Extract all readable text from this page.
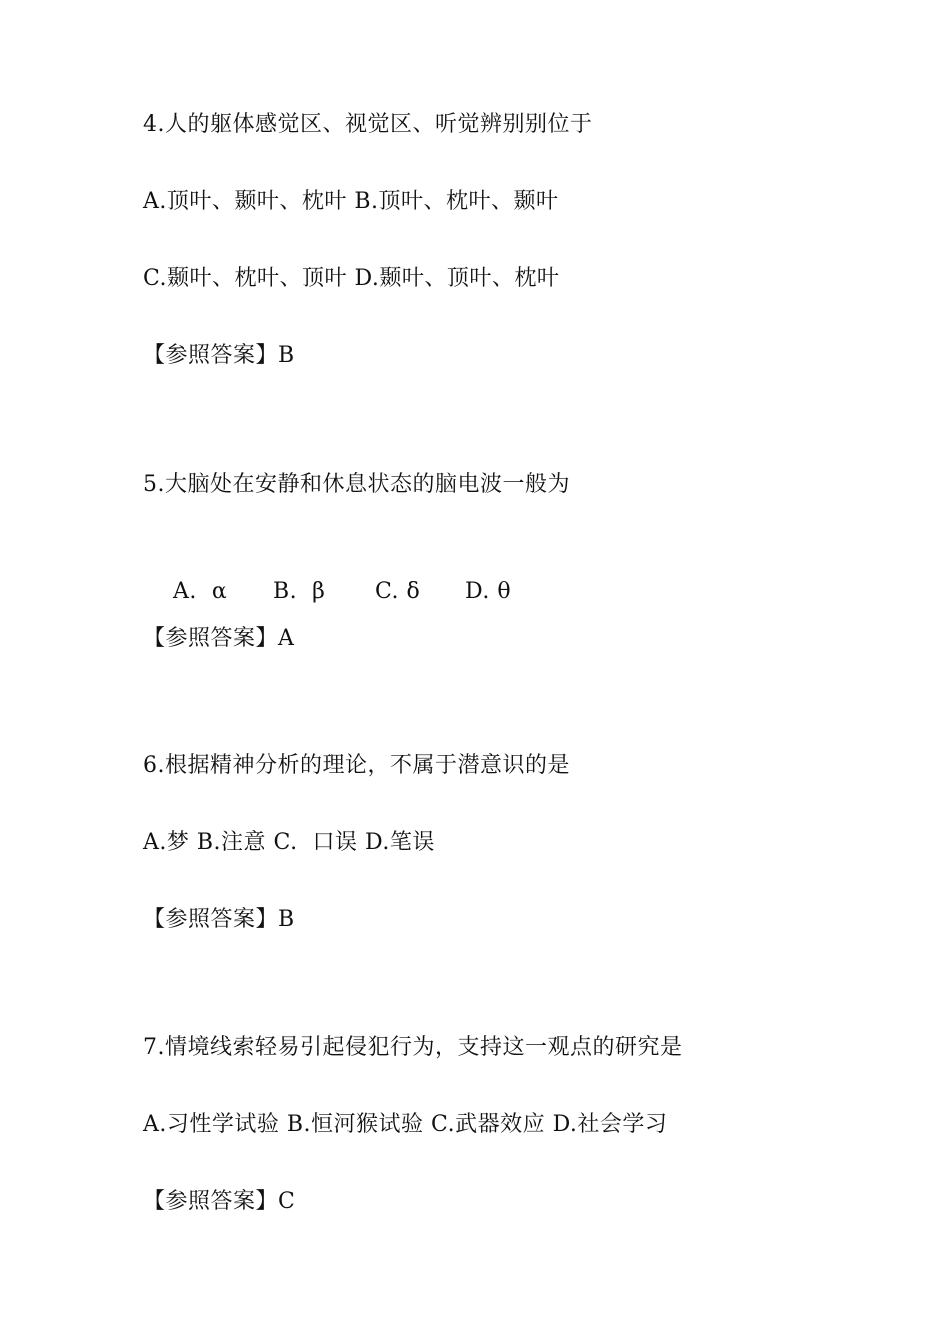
4.人的躯体感觉区、视觉区、听觉辨别别位于
A.顶叶、颞叶、枕叶 B.顶叶、枕叶、颞叶
C.颞叶、枕叶、顶叶 D.颞叶、顶叶、枕叶
【参照答案】B
5.大脑处在安静和休息状态的脑电波一般为

A.  α B.  β C. δ D. θ

【参照答案】A
6.根据精神分析的理论，不属于潜意识的是
A.梦 B.注意 C.  口误 D.笔误
【参照答案】B
7.情境线索轻易引起侵犯行为，支持这一观点的研究是
A.习性学试验 B.恒河猴试验 C.武器效应 D.社会学习
【参照答案】C
